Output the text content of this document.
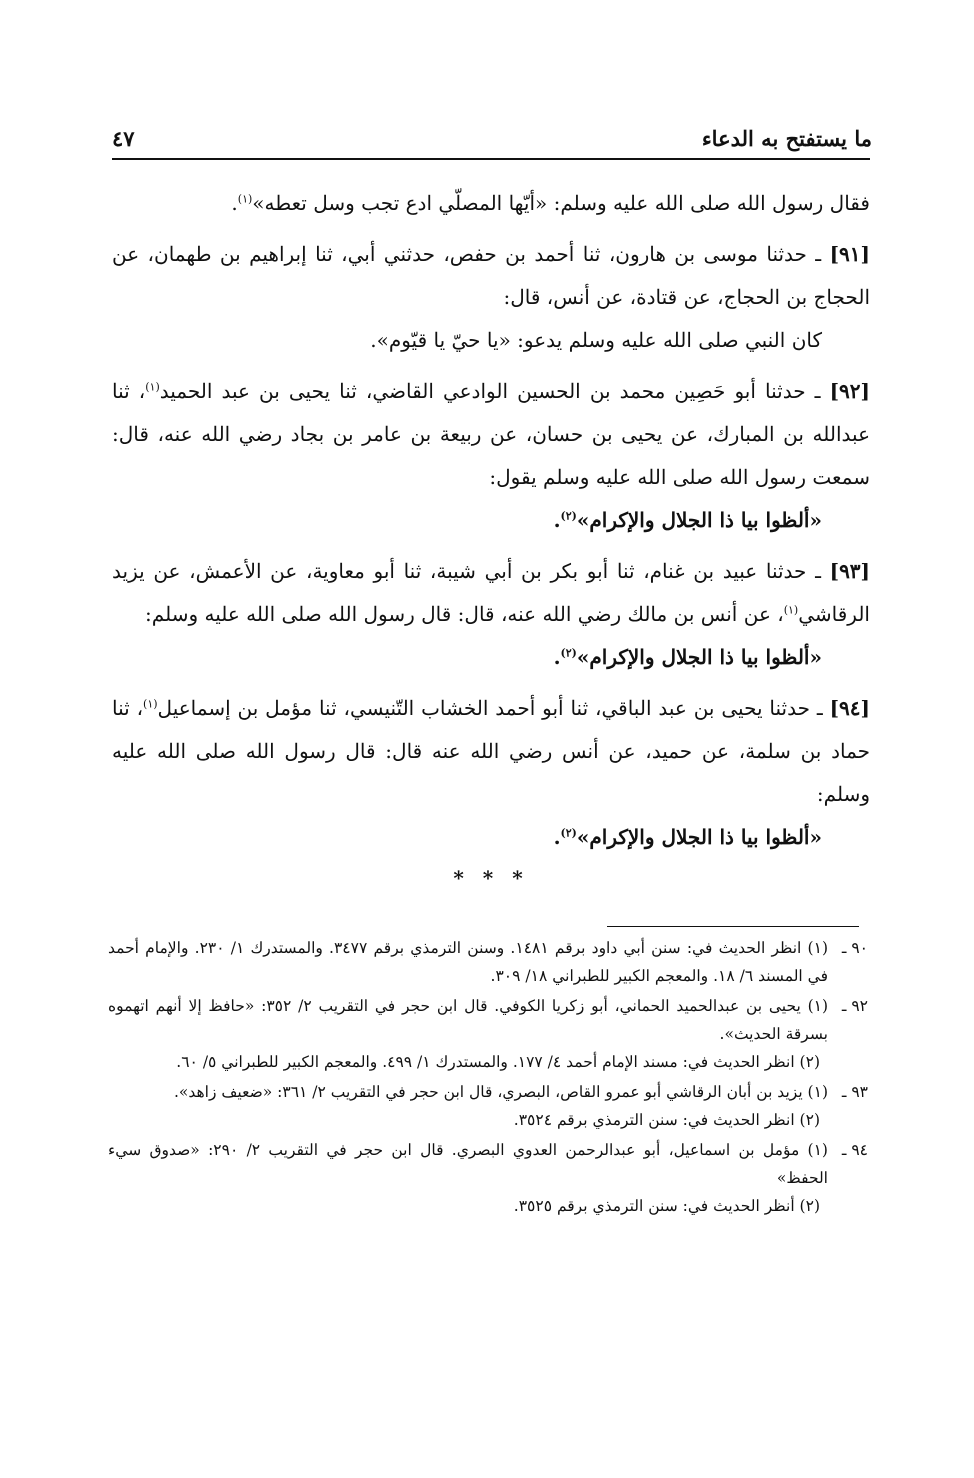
ما يستفتح به الدعاء
٤٧

فقال رسول الله صلى الله عليه وسلم: «أيّها المصلّي ادع تجب وسل تعطه»$^{(١)}$.

[٩١] ـ حدثنا موسى بن هارون، ثنا أحمد بن حفص، حدثني أبي، ثنا إبراهيم بن طهمان، عن الحجاج بن الحجاج، عن قتادة، عن أنس، قال:

كان النبي صلى الله عليه وسلم يدعو: «يا حيّ يا قيّوم».

[٩٢] ـ حدثنا أبو حَصِين محمد بن الحسين الوادعي القاضي، ثنا يحيى بن عبد الحميد$^{(١)}$، ثنا عبدالله بن المبارك، عن يحيى بن حسان، عن ربيعة بن عامر بن بجاد رضي الله عنه، قال: سمعت رسول الله صلى الله عليه وسلم يقول:

«ألظوا بيا ذا الجلال والإكرام»$^{(٢)}$.

[٩٣] ـ حدثنا عبيد بن غنام، ثنا أبو بكر بن أبي شيبة، ثنا أبو معاوية، عن الأعمش، عن يزيد الرقاشي$^{(١)}$، عن أنس بن مالك رضي الله عنه، قال: قال رسول الله صلى الله عليه وسلم:

«ألظوا بيا ذا الجلال والإكرام»$^{(٢)}$.

[٩٤] ـ حدثنا يحيى بن عبد الباقي، ثنا أبو أحمد الخشاب التّنيسي، ثنا مؤمل بن إسماعيل$^{(١)}$، ثنا حماد بن سلمة، عن حميد، عن أنس رضي الله عنه قال: قال رسول الله صلى الله عليه وسلم:

«ألظوا بيا ذا الجلال والإكرام»$^{(٢)}$.

* * *
٩٠ ـ
(١) انظر الحديث في: سنن أبي داود برقم ١٤٨١. وسنن الترمذي برقم ٣٤٧٧. والمستدرك ١/ ٢٣٠. والإمام أحمد في المسند ٦/ ١٨. والمعجم الكبير للطبراني ١٨/ ٣٠٩.
٩٢ ـ
(١) يحيى بن عبدالحميد الحماني، أبو زكريا الكوفي. قال ابن حجر في التقريب ٢/ ٣٥٢: «حافظ إلا أنهم اتهموه بسرقة الحديث».
(٢) انظر الحديث في: مسند الإمام أحمد ٤/ ١٧٧. والمستدرك ١/ ٤٩٩. والمعجم الكبير للطبراني ٥/ ٦٠.
٩٣ ـ
(١) يزيد بن أبان الرقاشي أبو عمرو القاص، البصري، قال ابن حجر في التقريب ٢/ ٣٦١: «ضعيف زاهد».
(٢) انظر الحديث في: سنن الترمذي برقم ٣٥٢٤.
٩٤ ـ
(١) مؤمل بن اسماعيل، أبو عبدالرحمن العدوي البصري. قال ابن حجر في التقريب ٢/ ٢٩٠: «صدوق سيء الحفظ»
(٢) أنظر الحديث في: سنن الترمذي برقم ٣٥٢٥.
